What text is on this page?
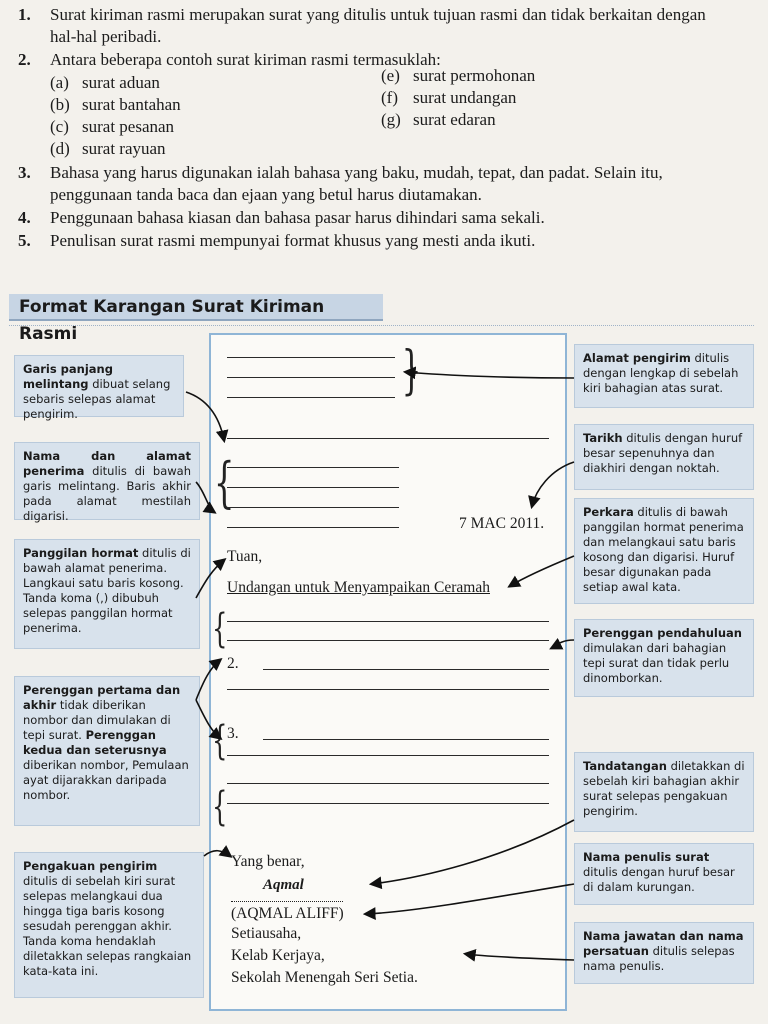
1. Surat kiriman rasmi merupakan surat yang ditulis untuk tujuan rasmi dan tidak berkaitan dengan
hal-hal peribadi.
2. Antara beberapa contoh surat kiriman rasmi termasuklah:
(a) surat aduan
(b) surat bantahan
(c) surat pesanan
(d) surat rayuan
(e) surat permohonan
(f) surat undangan
(g) surat edaran
3. Bahasa yang harus digunakan ialah bahasa yang baku, mudah, tepat, dan padat. Selain itu,
penggunaan tanda baca dan ejaan yang betul harus diutamakan.
4. Penggunaan bahasa kiasan dan bahasa pasar harus dihindari sama sekali.
5. Penulisan surat rasmi mempunyai format khusus yang mesti anda ikuti.
Format Karangan Surat Kiriman Rasmi
Garis panjang melintang dibuat selang sebaris selepas alamat pengirim.
Nama dan alamat penerima ditulis di bawah garis melintang. Baris akhir pada alamat mestilah digarisi.
Panggilan hormat ditulis di bawah alamat penerima. Langkaui satu baris kosong. Tanda koma (,) dibubuh selepas panggilan hormat penerima.
Perenggan pertama dan akhir tidak diberikan nombor dan dimulakan di tepi surat. Perenggan kedua dan seterusnya diberikan nombor, Pemulaan ayat dijarakkan daripada nombor.
Pengakuan pengirim ditulis di sebelah kiri surat selepas melangkaui dua hingga tiga baris kosong sesudah perenggan akhir. Tanda koma hendaklah diletakkan selepas rangkaian kata-kata ini.
Alamat pengirim ditulis dengan lengkap di sebelah kiri bahagian atas surat.
Tarikh ditulis dengan huruf besar sepenuhnya dan diakhiri dengan noktah.
Perkara ditulis di bawah panggilan hormat penerima dan melangkaui satu baris kosong dan digarisi. Huruf besar digunakan pada setiap awal kata.
Perenggan pendahuluan dimulakan dari bahagian tepi surat dan tidak perlu dinomborkan.
Tandatangan diletakkan di sebelah kiri bahagian akhir surat selepas pengakuan pengirim.
Nama penulis surat ditulis dengan huruf besar di dalam kurungan.
Nama jawatan dan nama persatuan ditulis selepas nama penulis.
}
{
7 MAC 2011.
Tuan,
Undangan untuk Menyampaikan Ceramah
{
2.
3.
{
{
Yang benar,
Aqmal
(AQMAL ALIFF)
Setiausaha,
Kelab Kerjaya,
Sekolah Menengah Seri Setia.
